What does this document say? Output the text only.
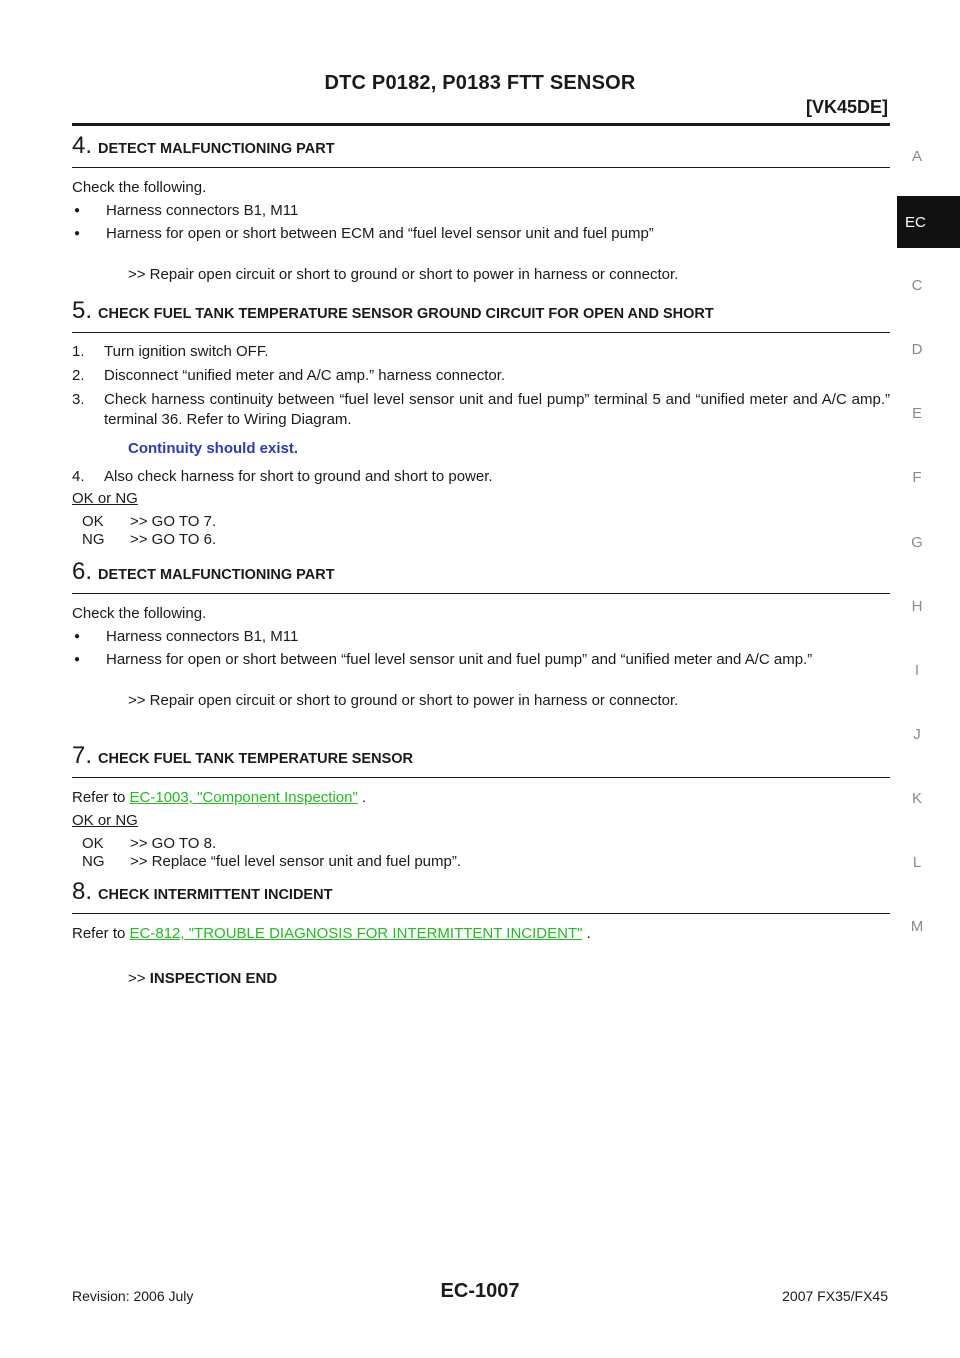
DTC P0182, P0183 FTT SENSOR
[VK45DE]
A
EC
C
D
E
F
G
H
I
J
K
L
M
4. DETECT MALFUNCTIONING PART
Check the following.
●	Harness connectors B1, M11
●	Harness for open or short between ECM and “fuel level sensor unit and fuel pump”
>> Repair open circuit or short to ground or short to power in harness or connector.
5. CHECK FUEL TANK TEMPERATURE SENSOR GROUND CIRCUIT FOR OPEN AND SHORT
1.	Turn ignition switch OFF.
2.	Disconnect “unified meter and A/C amp.” harness connector.
3.	Check harness continuity between “fuel level sensor unit and fuel pump” terminal 5 and “unified meter and A/C amp.” terminal 36. Refer to Wiring Diagram.
Continuity should exist.
4.	Also check harness for short to ground and short to power.
OK or NG
OK	>> GO TO 7.
NG	>> GO TO 6.
6. DETECT MALFUNCTIONING PART
Check the following.
●	Harness connectors B1, M11
●	Harness for open or short between “fuel level sensor unit and fuel pump” and “unified meter and A/C amp.”
>> Repair open circuit or short to ground or short to power in harness or connector.
7. CHECK FUEL TANK TEMPERATURE SENSOR
Refer to EC-1003, "Component Inspection" .
OK or NG
OK	>> GO TO 8.
NG	>> Replace “fuel level sensor unit and fuel pump”.
8. CHECK INTERMITTENT INCIDENT
Refer to EC-812, "TROUBLE DIAGNOSIS FOR INTERMITTENT INCIDENT" .
>> INSPECTION END
Revision: 2006 July	EC-1007	2007 FX35/FX45
